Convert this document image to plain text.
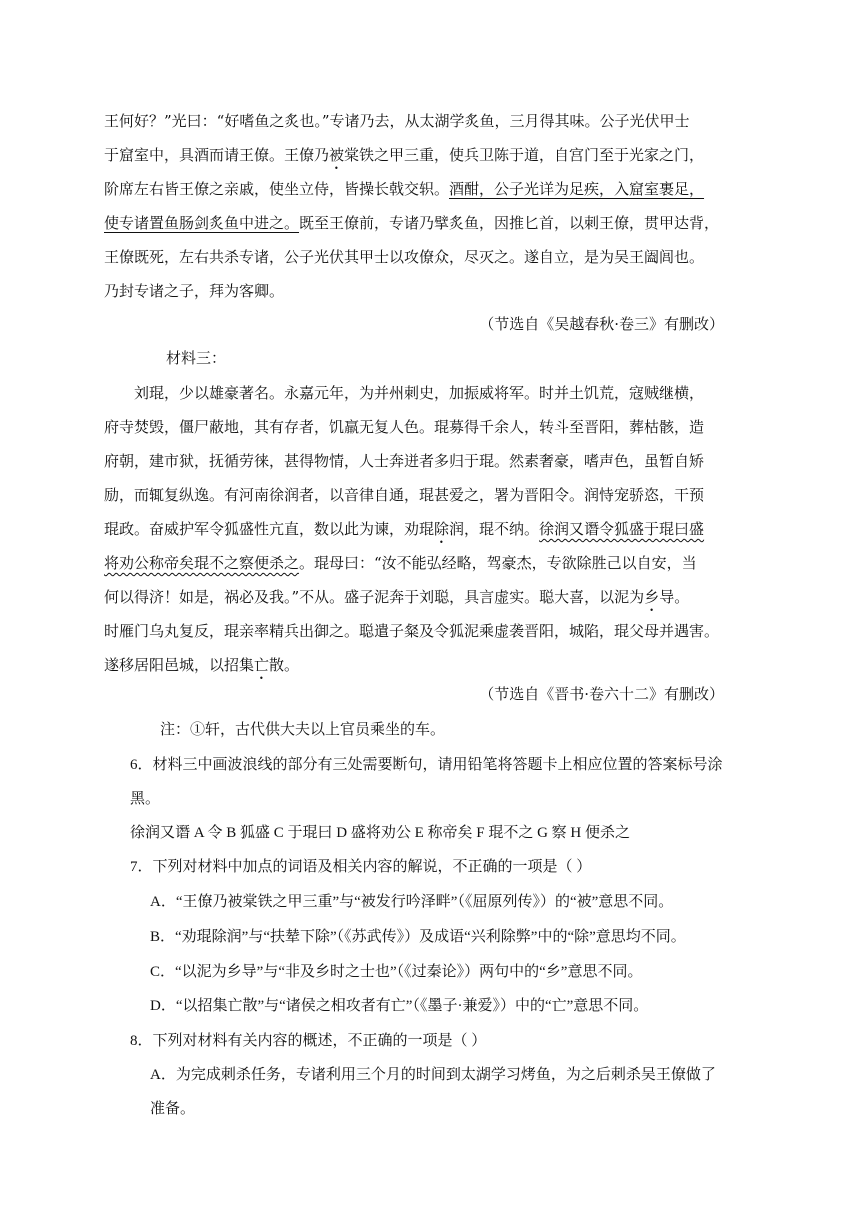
王何好？”光曰：“好嗜鱼之炙也。”专诸乃去，从太湖学炙鱼，三月得其味。公子光伏甲士
于窟室中，具酒而请王僚。王僚乃被棠铁之甲三重，使兵卫陈于道，自宫门至于光家之门，
阶席左右皆王僚之亲戚，使坐立侍，皆操长戟交轵。酒酣，公子光详为足疾，入窟室裹足，
使专诸置鱼肠剑炙鱼中进之。既至王僚前，专诸乃擘炙鱼，因推匕首，以刺王僚，贯甲达背，
王僚既死，左右共杀专诸，公子光伏其甲士以攻僚众，尽灭之。遂自立，是为吴王阖闾也。
乃封专诸之子，拜为客卿。
（节选自《吴越春秋·卷三》有删改）
材料三：
刘琨，少以雄豪著名。永嘉元年，为并州刺史，加振威将军。时并土饥荒，寇贼继横，
府寺焚毁，僵尸蔽地，其有存者，饥羸无复人色。琨募得千余人，转斗至晋阳，葬枯骸，造
府朝，建市狱，抚循劳徕，甚得物情，人士奔迸者多归于琨。然素奢豪，嗜声色，虽暂自矫
励，而辄复纵逸。有河南徐润者，以音律自通，琨甚爱之，署为晋阳令。润恃宠骄恣，干预
琨政。奋威护军令狐盛性亢直，数以此为谏，劝琨除润，琨不纳。徐润又谮令狐盛于琨曰盛
将劝公称帝矣琨不之察便杀之。琨母曰：“汝不能弘经略，驾豪杰，专欲除胜己以自安，当
何以得济！如是，祸必及我。”不从。盛子泥奔于刘聪，具言虚实。聪大喜，以泥为乡导。
时雁门乌丸复反，琨亲率精兵出御之。聪遣子粲及令狐泥乘虚袭晋阳，城陷，琨父母并遇害。
遂移居阳邑城，以招集亡散。
（节选自《晋书·卷六十二》有删改）
注：①轩，古代供大夫以上官员乘坐的车。
6．材料三中画波浪线的部分有三处需要断句，请用铅笔将答题卡上相应位置的答案标号涂
黑。
徐润又谮 A 令 B 狐盛 C 于琨曰 D 盛将劝公 E 称帝矣 F 琨不之 G 察 H 便杀之
7．下列对材料中加点的词语及相关内容的解说，不正确的一项是（ ）
A．“王僚乃被棠铁之甲三重”与“被发行吟泽畔”（《屈原列传》）的“被”意思不同。
B．“劝琨除润”与“扶辇下除”（《苏武传》）及成语“兴利除弊”中的“除”意思均不同。
C．“以泥为乡导”与“非及乡时之士也”（《过秦论》）两句中的“乡”意思不同。
D．“以招集亡散”与“诸侯之相攻者有亡”（《墨子·兼爱》）中的“亡”意思不同。
8．下列对材料有关内容的概述，不正确的一项是（ ）
A．为完成刺杀任务，专诸利用三个月的时间到太湖学习烤鱼，为之后刺杀吴王僚做了
准备。
